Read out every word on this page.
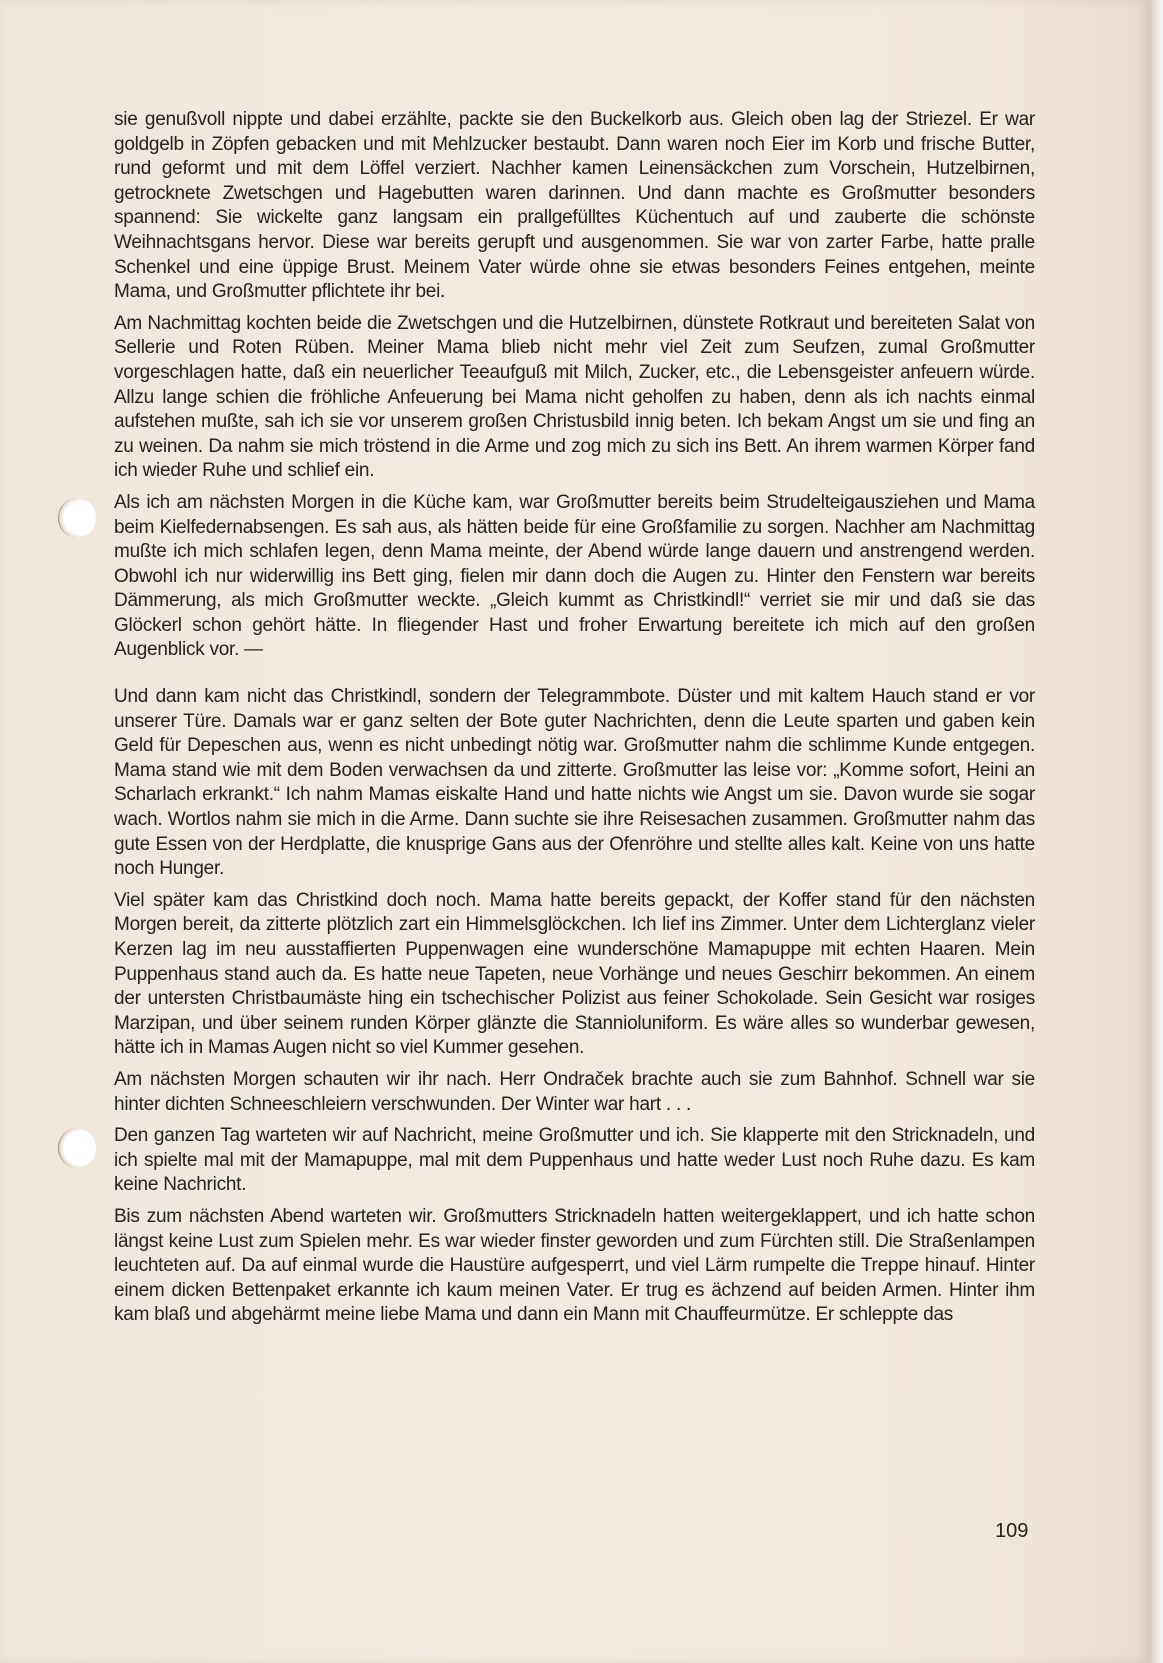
sie genußvoll nippte und dabei erzählte, packte sie den Buckelkorb aus. Gleich oben lag der Striezel. Er war goldgelb in Zöpfen gebacken und mit Mehlzucker bestaubt. Dann waren noch Eier im Korb und frische Butter, rund geformt und mit dem Löffel verziert. Nachher kamen Leinensäckchen zum Vorschein, Hutzelbirnen, getrocknete Zwetschgen und Hagebutten waren darinnen. Und dann machte es Großmutter besonders spannend: Sie wickelte ganz langsam ein prallgefülltes Küchentuch auf und zauberte die schönste Weihnachtsgans hervor. Diese war bereits gerupft und ausgenommen. Sie war von zarter Farbe, hatte pralle Schenkel und eine üppige Brust. Meinem Vater würde ohne sie etwas besonders Feines entgehen, meinte Mama, und Großmutter pflichtete ihr bei.

Am Nachmittag kochten beide die Zwetschgen und die Hutzelbirnen, dünstete Rotkraut und bereiteten Salat von Sellerie und Roten Rüben. Meiner Mama blieb nicht mehr viel Zeit zum Seufzen, zumal Großmutter vorgeschlagen hatte, daß ein neuerlicher Teeaufguß mit Milch, Zucker, etc., die Lebensgeister anfeuern würde. Allzu lange schien die fröhliche Anfeuerung bei Mama nicht geholfen zu haben, denn als ich nachts einmal aufstehen mußte, sah ich sie vor unserem großen Christusbild innig beten. Ich bekam Angst um sie und fing an zu weinen. Da nahm sie mich tröstend in die Arme und zog mich zu sich ins Bett. An ihrem warmen Körper fand ich wieder Ruhe und schlief ein.

Als ich am nächsten Morgen in die Küche kam, war Großmutter bereits beim Strudelteigausziehen und Mama beim Kielfedernabsengen. Es sah aus, als hätten beide für eine Großfamilie zu sorgen. Nachher am Nachmittag mußte ich mich schlafen legen, denn Mama meinte, der Abend würde lange dauern und anstrengend werden. Obwohl ich nur widerwillig ins Bett ging, fielen mir dann doch die Augen zu. Hinter den Fenstern war bereits Dämmerung, als mich Großmutter weckte. „Gleich kummt as Christkindl!“ verriet sie mir und daß sie das Glöckerl schon gehört hätte. In fliegender Hast und froher Erwartung bereitete ich mich auf den großen Augenblick vor. —

Und dann kam nicht das Christkindl, sondern der Telegrammbote. Düster und mit kaltem Hauch stand er vor unserer Türe. Damals war er ganz selten der Bote guter Nachrichten, denn die Leute sparten und gaben kein Geld für Depeschen aus, wenn es nicht unbedingt nötig war. Großmutter nahm die schlimme Kunde entgegen. Mama stand wie mit dem Boden verwachsen da und zitterte. Großmutter las leise vor: „Komme sofort, Heini an Scharlach erkrankt.“ Ich nahm Mamas eiskalte Hand und hatte nichts wie Angst um sie. Davon wurde sie sogar wach. Wortlos nahm sie mich in die Arme. Dann suchte sie ihre Reisesachen zusammen. Großmutter nahm das gute Essen von der Herdplatte, die knusprige Gans aus der Ofenröhre und stellte alles kalt. Keine von uns hatte noch Hunger.

Viel später kam das Christkind doch noch. Mama hatte bereits gepackt, der Koffer stand für den nächsten Morgen bereit, da zitterte plötzlich zart ein Himmelsglöckchen. Ich lief ins Zimmer. Unter dem Lichterglanz vieler Kerzen lag im neu ausstaffierten Puppenwagen eine wunderschöne Mamapuppe mit echten Haaren. Mein Puppenhaus stand auch da. Es hatte neue Tapeten, neue Vorhänge und neues Geschirr bekommen. An einem der untersten Christbaumäste hing ein tschechischer Polizist aus feiner Schokolade. Sein Gesicht war rosiges Marzipan, und über seinem runden Körper glänzte die Stannioluniform. Es wäre alles so wunderbar gewesen, hätte ich in Mamas Augen nicht so viel Kummer gesehen.

Am nächsten Morgen schauten wir ihr nach. Herr Ondraček brachte auch sie zum Bahnhof. Schnell war sie hinter dichten Schneeschleiern verschwunden. Der Winter war hart . . .

Den ganzen Tag warteten wir auf Nachricht, meine Großmutter und ich. Sie klapperte mit den Stricknadeln, und ich spielte mal mit der Mamapuppe, mal mit dem Puppenhaus und hatte weder Lust noch Ruhe dazu. Es kam keine Nachricht.

Bis zum nächsten Abend warteten wir. Großmutters Stricknadeln hatten weitergeklappert, und ich hatte schon längst keine Lust zum Spielen mehr. Es war wieder finster geworden und zum Fürchten still. Die Straßenlampen leuchteten auf. Da auf einmal wurde die Haustüre aufgesperrt, und viel Lärm rumpelte die Treppe hinauf. Hinter einem dicken Bettenpaket erkannte ich kaum meinen Vater. Er trug es ächzend auf beiden Armen. Hinter ihm kam blaß und abgehärmt meine liebe Mama und dann ein Mann mit Chauffeurmütze. Er schleppte das

109
